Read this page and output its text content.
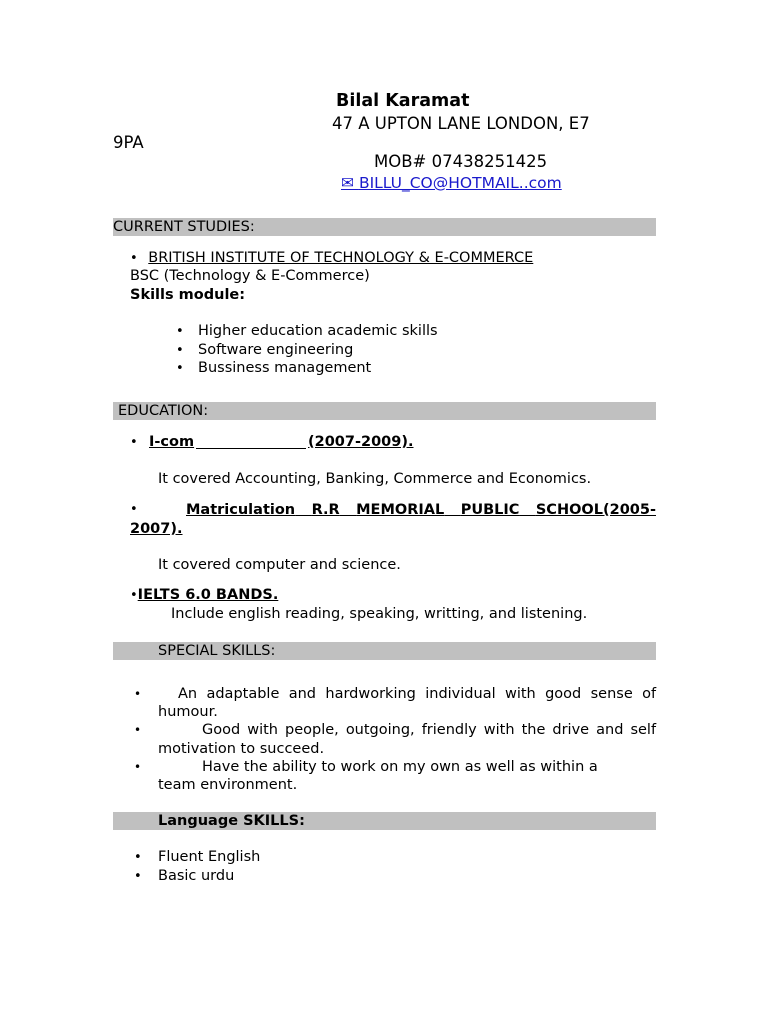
Bilal Karamat
47 A UPTON LANE LONDON, E7
9PA
MOB# 07438251425
✉ BILLU_CO@HOTMAIL..com
CURRENT STUDIES:
• BRITISH INSTITUTE OF TECHNOLOGY & E-COMMERCE
BSC (Technology & E-Commerce)
Skills module:
• Higher education academic skills
• Software engineering
• Bussiness management
EDUCATION:
• I-com	(2007-2009).
It covered Accounting, Banking, Commerce and Economics.
•	Matriculation R.R MEMORIAL PUBLIC SCHOOL(2005-
2007).
It covered computer and science.
•IELTS 6.0 BANDS.
Include english reading, speaking, writting, and listening.
SPECIAL SKILLS:
•	An adaptable and hardworking individual with good sense of
humour.
•	Good with people, outgoing, friendly with the drive and self
motivation to succeed.
•	Have the ability to work on my own as well as within a
team environment.
Language SKILLS:
• Fluent English
• Basic urdu
